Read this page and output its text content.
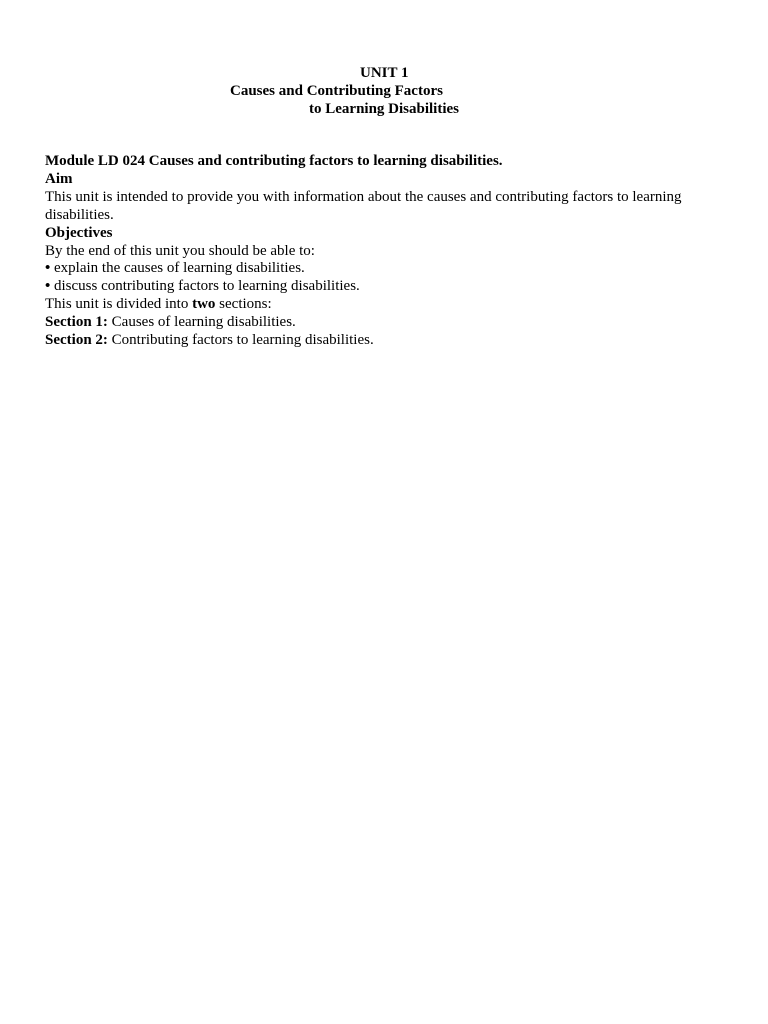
UNIT 1
Causes and Contributing Factors
to Learning Disabilities

Module LD 024 Causes and contributing factors to learning disabilities.

Aim

This unit is intended to provide you with information about the causes and contributing factors to learning disabilities.

Objectives

By the end of this unit you should be able to:

• explain the causes of learning disabilities.

• discuss contributing factors to learning disabilities.

This unit is divided into two sections:

Section 1: Causes of learning disabilities.

Section 2: Contributing factors to learning disabilities.
